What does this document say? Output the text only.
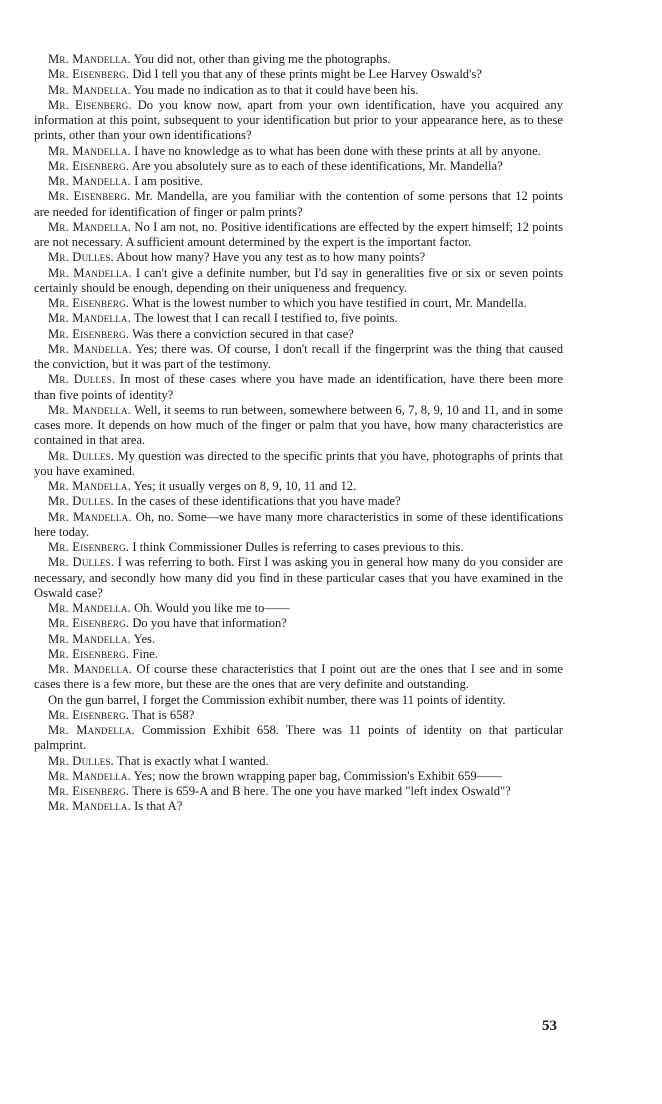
Mr. Mandella. You did not, other than giving me the photographs.

Mr. Eisenberg. Did I tell you that any of these prints might be Lee Harvey Oswald's?

Mr. Mandella. You made no indication as to that it could have been his.

Mr. Eisenberg. Do you know now, apart from your own identification, have you acquired any information at this point, subsequent to your identification but prior to your appearance here, as to these prints, other than your own identifications?

Mr. Mandella. I have no knowledge as to what has been done with these prints at all by anyone.

Mr. Eisenberg. Are you absolutely sure as to each of these identifications, Mr. Mandella?

Mr. Mandella. I am positive.

Mr. Eisenberg. Mr. Mandella, are you familiar with the contention of some persons that 12 points are needed for identification of finger or palm prints?

Mr. Mandella. No I am not, no. Positive identifications are effected by the expert himself; 12 points are not necessary. A sufficient amount determined by the expert is the important factor.

Mr. Dulles. About how many? Have you any test as to how many points?

Mr. Mandella. I can't give a definite number, but I'd say in generalities five or six or seven points certainly should be enough, depending on their uniqueness and frequency.

Mr. Eisenberg. What is the lowest number to which you have testified in court, Mr. Mandella.

Mr. Mandella. The lowest that I can recall I testified to, five points.

Mr. Eisenberg. Was there a conviction secured in that case?

Mr. Mandella. Yes; there was. Of course, I don't recall if the fingerprint was the thing that caused the conviction, but it was part of the testimony.

Mr. Dulles. In most of these cases where you have made an identification, have there been more than five points of identity?

Mr. Mandella. Well, it seems to run between, somewhere between 6, 7, 8, 9, 10 and 11, and in some cases more. It depends on how much of the finger or palm that you have, how many characteristics are contained in that area.

Mr. Dulles. My question was directed to the specific prints that you have, photographs of prints that you have examined.

Mr. Mandella. Yes; it usually verges on 8, 9, 10, 11 and 12.

Mr. Dulles. In the cases of these identifications that you have made?

Mr. Mandella. Oh, no. Some—we have many more characteristics in some of these identifications here today.

Mr. Eisenberg. I think Commissioner Dulles is referring to cases previous to this.

Mr. Dulles. I was referring to both. First I was asking you in general how many do you consider are necessary, and secondly how many did you find in these particular cases that you have examined in the Oswald case?

Mr. Mandella. Oh. Would you like me to——

Mr. Eisenberg. Do you have that information?

Mr. Mandella. Yes.

Mr. Eisenberg. Fine.

Mr. Mandella. Of course these characteristics that I point out are the ones that I see and in some cases there is a few more, but these are the ones that are very definite and outstanding.

On the gun barrel, I forget the Commission exhibit number, there was 11 points of identity.

Mr. Eisenberg. That is 658?

Mr. Mandella. Commission Exhibit 658. There was 11 points of identity on that particular palmprint.

Mr. Dulles. That is exactly what I wanted.

Mr. Mandella. Yes; now the brown wrapping paper bag, Commission's Exhibit 659——

Mr. Eisenberg. There is 659-A and B here. The one you have marked "left index Oswald"?

Mr. Mandella. Is that A?

53
